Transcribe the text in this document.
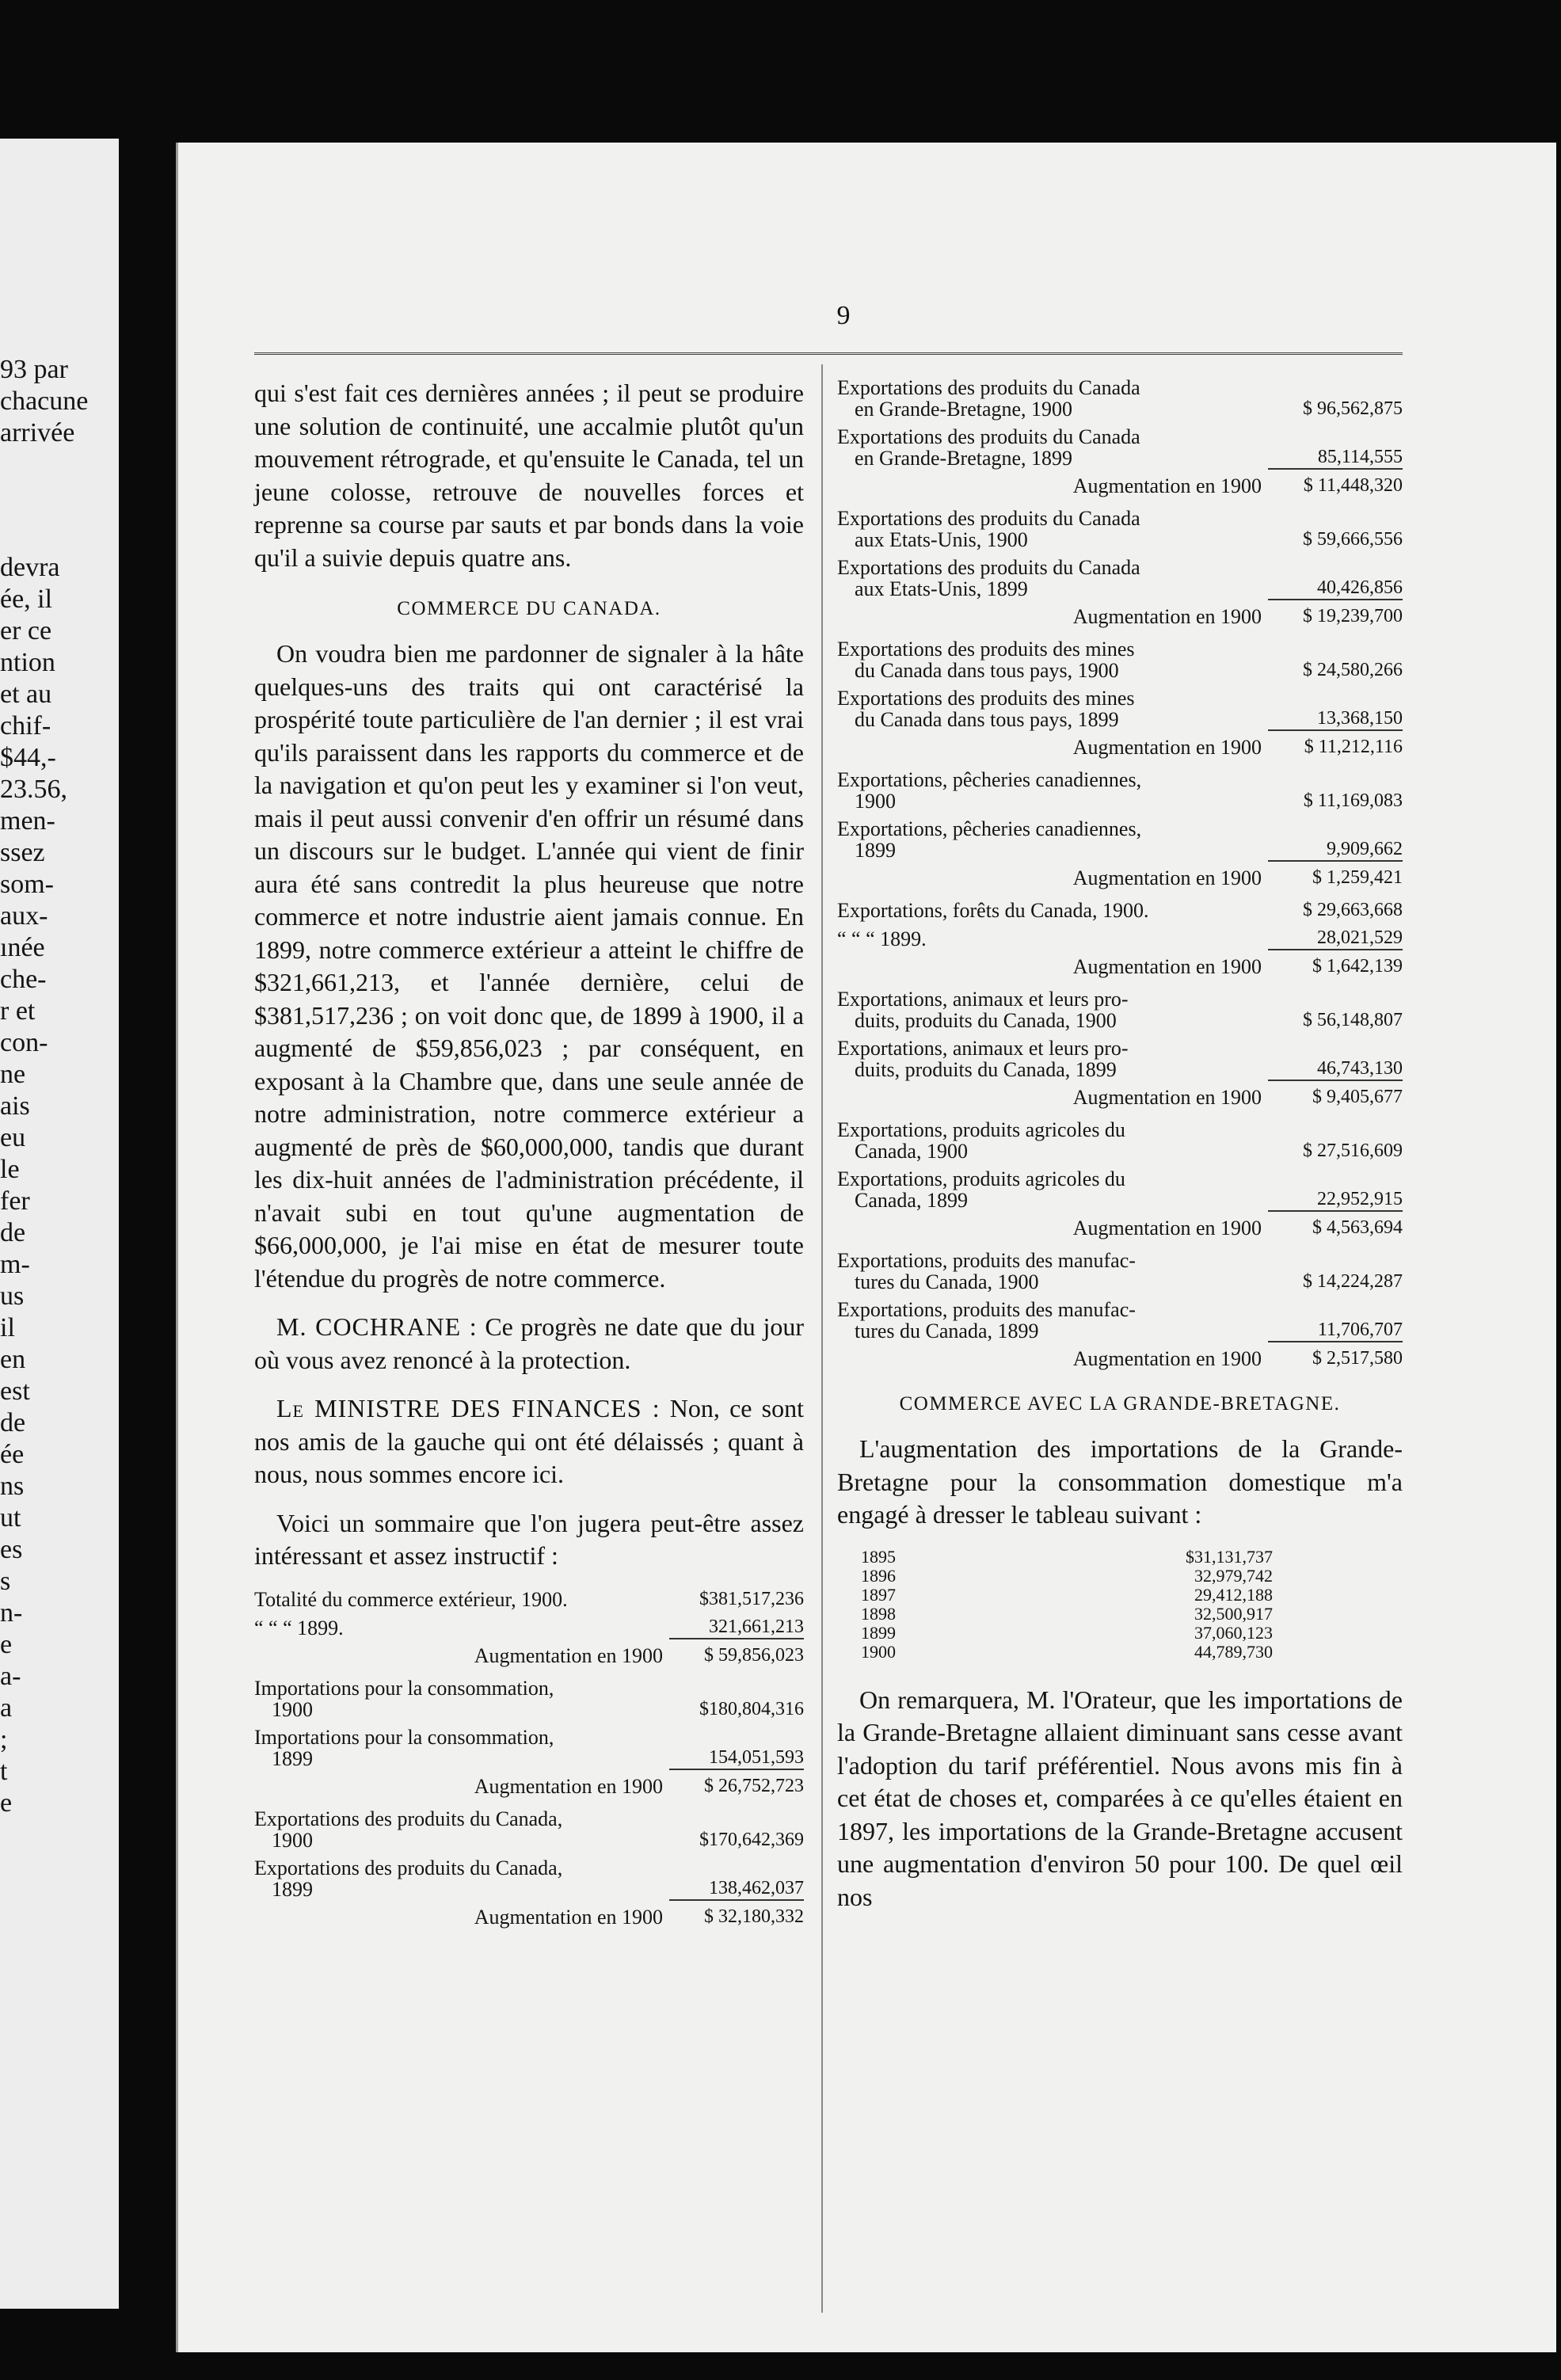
93 par
chacune
arrivée
devra
ée, il
er ce
ntion
et au
chif-
$44,-
23.56,
men-
ssez
som-
aux-
ınée
che-
r et
con-
ne
ais
eu
le
fer
de
m-
us
il
en
est
de
ée
ns
ut
es
s
n-
e
a-
a
;
t
e
9

qui s'est fait ces dernières années ; il peut se produire une solution de continuité, une accalmie plutôt qu'un mouvement rétrograde, et qu'ensuite le Canada, tel un jeune colosse, retrouve de nouvelles forces et reprenne sa course par sauts et par bonds dans la voie qu'il a suivie depuis quatre ans.

COMMERCE DU CANADA.

On voudra bien me pardonner de signaler à la hâte quelques-uns des traits qui ont caractérisé la prospérité toute particulière de l'an dernier ; il est vrai qu'ils paraissent dans les rapports du commerce et de la navigation et qu'on peut les y examiner si l'on veut, mais il peut aussi convenir d'en offrir un résumé dans un discours sur le budget. L'année qui vient de finir aura été sans contredit la plus heureuse que notre commerce et notre industrie aient jamais connue. En 1899, notre commerce extérieur a atteint le chiffre de $321,661,213, et l'année dernière, celui de $381,517,236 ; on voit donc que, de 1899 à 1900, il a augmenté de $59,856,023 ; par conséquent, en exposant à la Chambre que, dans une seule année de notre administration, notre commerce extérieur a augmenté de près de $60,000,000, tandis que durant les dix-huit années de l'administration précédente, il n'avait subi en tout qu'une augmentation de $66,000,000, je l'ai mise en état de mesurer toute l'étendue du progrès de notre commerce.

M. COCHRANE : Ce progrès ne date que du jour où vous avez renoncé à la protection.

Le MINISTRE DES FINANCES : Non, ce sont nos amis de la gauche qui ont été délaissés ; quant à nous, nous sommes encore ici.

Voici un sommaire que l'on jugera peut-être assez intéressant et assez instructif :

Totalité du commerce extérieur, 1900.	$381,517,236

“ “ “ 1899.	321,661,213
Augmentation en 1900	$ 59,856,023
Importations pour la consommation,
1900	$180,804,316

Importations pour la consommation,
1899	154,051,593
Augmentation en 1900	$ 26,752,723
Exportations des produits du Canada,
1900	$170,642,369

Exportations des produits du Canada,
1899	138,462,037
Augmentation en 1900	$ 32,180,332
Exportations des produits du Canada
en Grande-Bretagne, 1900	$ 96,562,875

Exportations des produits du Canada
en Grande-Bretagne, 1899	85,114,555
Augmentation en 1900	$ 11,448,320
Exportations des produits du Canada
aux Etats-Unis, 1900	$ 59,666,556

Exportations des produits du Canada
aux Etats-Unis, 1899	40,426,856
Augmentation en 1900	$ 19,239,700
Exportations des produits des mines
du Canada dans tous pays, 1900	$ 24,580,266

Exportations des produits des mines
du Canada dans tous pays, 1899	13,368,150
Augmentation en 1900	$ 11,212,116
Exportations, pêcheries canadiennes,
1900	$ 11,169,083

Exportations, pêcheries canadiennes,
1899	9,909,662
Augmentation en 1900	$ 1,259,421
Exportations, forêts du Canada, 1900.	$ 29,663,668

“ “ “ 1899.	28,021,529
Augmentation en 1900	$ 1,642,139
Exportations, animaux et leurs pro-
duits, produits du Canada, 1900	$ 56,148,807

Exportations, animaux et leurs pro-
duits, produits du Canada, 1899	46,743,130
Augmentation en 1900	$ 9,405,677
Exportations, produits agricoles du
Canada, 1900	$ 27,516,609

Exportations, produits agricoles du
Canada, 1899	22,952,915
Augmentation en 1900	$ 4,563,694
Exportations, produits des manufac-
tures du Canada, 1900	$ 14,224,287

Exportations, produits des manufac-
tures du Canada, 1899	11,706,707
Augmentation en 1900	$ 2,517,580
COMMERCE AVEC LA GRANDE-BRETAGNE.

L'augmentation des importations de la Grande-Bretagne pour la consommation domestique m'a engagé à dresser le tableau suivant :

1895	$31,131,737
1896	32,979,742
1897	29,412,188
1898	32,500,917
1899	37,060,123
1900	44,789,730

On remarquera, M. l'Orateur, que les importations de la Grande-Bretagne allaient diminuant sans cesse avant l'adoption du tarif préférentiel. Nous avons mis fin à cet état de choses et, comparées à ce qu'elles étaient en 1897, les importations de la Grande-Bretagne accusent une augmentation d'environ 50 pour 100. De quel œil nos
